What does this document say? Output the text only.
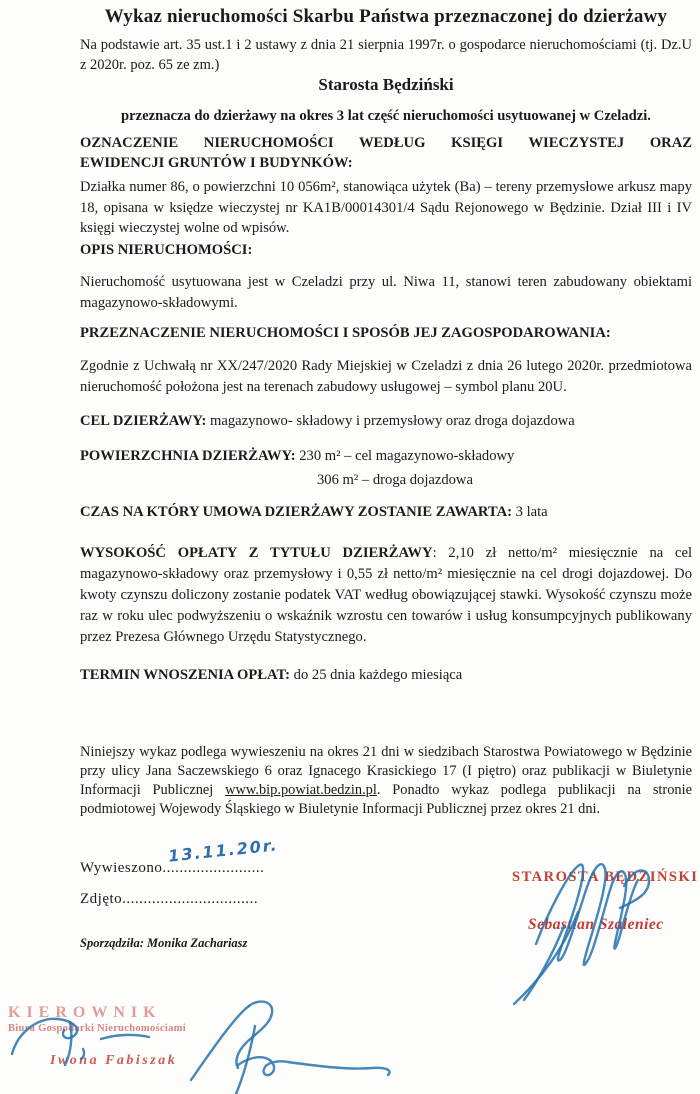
Wykaz nieruchomości Skarbu Państwa przeznaczonej do dzierżawy

Na podstawie art. 35 ust.1 i 2 ustawy z dnia 21 sierpnia 1997r. o gospodarce nieruchomościami (tj. Dz.U z 2020r. poz. 65 ze zm.)

Starosta Będziński
przeznacza do dzierżawy na okres 3 lat część nieruchomości usytuowanej w Czeladzi.
OZNACZENIE NIERUCHOMOŚCI WEDŁUG KSIĘGI WIECZYSTEJ ORAZ
EWIDENCJI GRUNTÓW I BUDYNKÓW:

Działka numer 86, o powierzchni 10 056m², stanowiąca użytek (Ba) – tereny przemysłowe arkusz mapy 18, opisana w księdze wieczystej nr KA1B/00014301/4 Sądu Rejonowego w Będzinie. Dział III i IV księgi wieczystej wolne od wpisów.

OPIS NIERUCHOMOŚCI:

Nieruchomość usytuowana jest w Czeladzi przy ul. Niwa 11, stanowi teren zabudowany obiektami magazynowo-składowymi.

PRZEZNACZENIE NIERUCHOMOŚCI I SPOSÓB JEJ ZAGOSPODAROWANIA:

Zgodnie z Uchwałą nr XX/247/2020 Rady Miejskiej w Czeladzi z dnia 26 lutego 2020r. przedmiotowa nieruchomość położona jest na terenach zabudowy usługowej – symbol planu 20U.

CEL DZIERŻAWY: magazynowo- składowy i przemysłowy oraz droga dojazdowa
POWIERZCHNIA DZIERŻAWY: 230 m² – cel magazynowo-składowy
306 m² – droga dojazdowa
CZAS NA KTÓRY UMOWA DZIERŻAWY ZOSTANIE ZAWARTA: 3 lata

WYSOKOŚĆ OPŁATY Z TYTUŁU DZIERŻAWY: 2,10 zł netto/m² miesięcznie na cel magazynowo-składowy oraz przemysłowy i 0,55 zł netto/m² miesięcznie na cel drogi dojazdowej. Do kwoty czynszu doliczony zostanie podatek VAT według obowiązującej stawki. Wysokość czynszu może raz w roku ulec podwyższeniu o wskaźnik wzrostu cen towarów i usług konsumpcyjnych publikowany przez Prezesa Głównego Urzędu Statystycznego.

TERMIN WNOSZENIA OPŁAT: do 25 dnia każdego miesiąca

Niniejszy wykaz podlega wywieszeniu na okres 21 dni w siedzibach Starostwa Powiatowego w Będzinie przy ulicy Jana Saczewskiego 6 oraz Ignacego Krasickiego 17 (I piętro) oraz publikacji w Biuletynie Informacji Publicznej www.bip.powiat.bedzin.pl. Ponadto wykaz podlega publikacji na stronie podmiotowej Wojewody Śląskiego w Biuletynie Informacji Publicznej przez okres 21 dni.

Wywieszono........................
13.11.20r.
Zdjęto................................
Sporządziła: Monika Zachariasz
STAROSTA BĘDZIŃSKI
Sebastian Szaleniec
KIEROWNIK
Biura Gospodarki Nieruchomościami
Iwona Fabiszak
